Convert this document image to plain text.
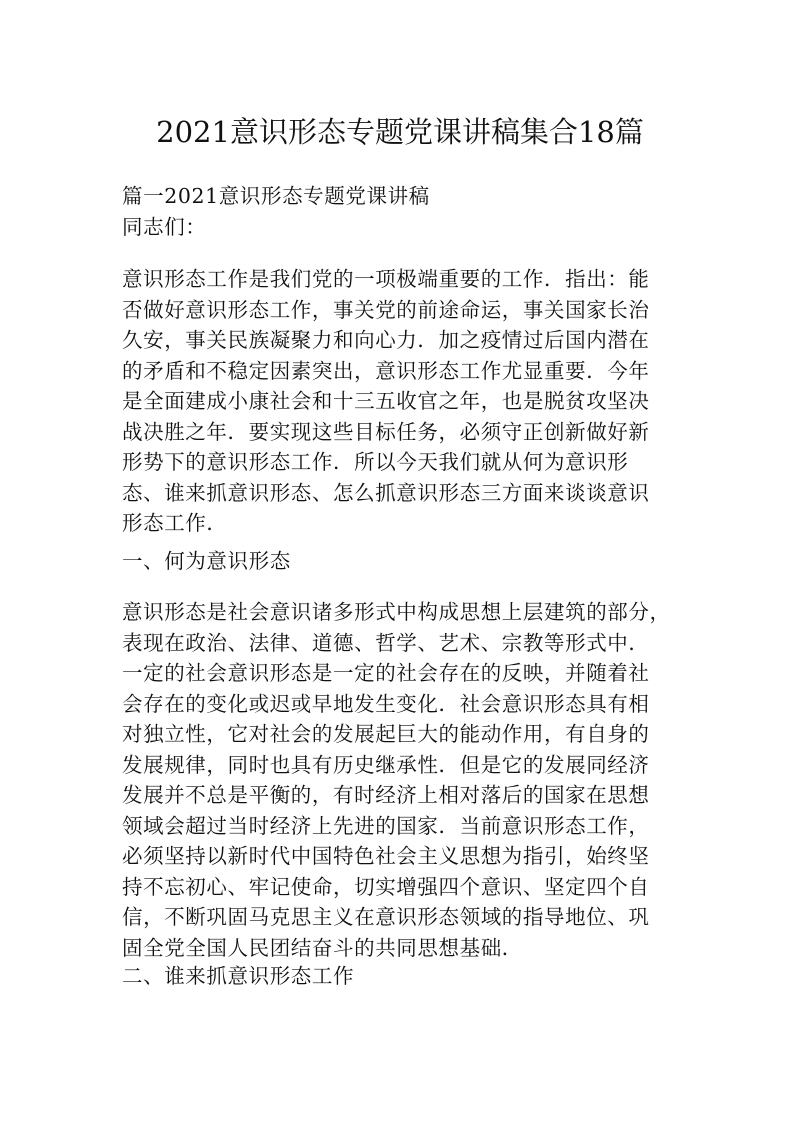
2021意识形态专题党课讲稿集合18篇
篇一2021意识形态专题党课讲稿
同志们：
意识形态工作是我们党的一项极端重要的工作．指出：能
否做好意识形态工作，事关党的前途命运，事关国家长治
久安，事关民族凝聚力和向心力．加之疫情过后国内潜在
的矛盾和不稳定因素突出，意识形态工作尤显重要．今年
是全面建成小康社会和十三五收官之年，也是脱贫攻坚决
战决胜之年．要实现这些目标任务，必须守正创新做好新
形势下的意识形态工作．所以今天我们就从何为意识形
态、谁来抓意识形态、怎么抓意识形态三方面来谈谈意识
形态工作．
一、何为意识形态
意识形态是社会意识诸多形式中构成思想上层建筑的部分，
表现在政治、法律、道德、哲学、艺术、宗教等形式中．
一定的社会意识形态是一定的社会存在的反映，并随着社
会存在的变化或迟或早地发生变化．社会意识形态具有相
对独立性，它对社会的发展起巨大的能动作用，有自身的
发展规律，同时也具有历史继承性．但是它的发展同经济
发展并不总是平衡的，有时经济上相对落后的国家在思想
领域会超过当时经济上先进的国家．当前意识形态工作，
必须坚持以新时代中国特色社会主义思想为指引，始终坚
持不忘初心、牢记使命，切实增强四个意识、坚定四个自
信，不断巩固马克思主义在意识形态领域的指导地位、巩
固全党全国人民团结奋斗的共同思想基础．
二、谁来抓意识形态工作
